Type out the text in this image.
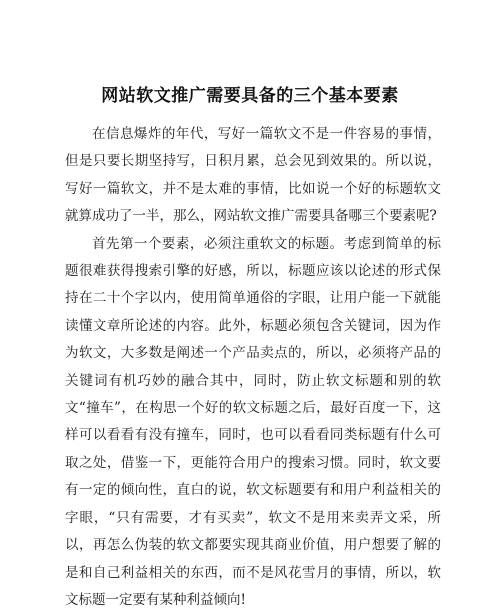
网站软文推广需要具备的三个基本要素

在信息爆炸的年代，写好一篇软文不是一件容易的事情，但是只要长期坚持写，日积月累，总会见到效果的。所以说，写好一篇软文，并不是太难的事情，比如说一个好的标题软文就算成功了一半，那么，网站软文推广需要具备哪三个要素呢?

首先第一个要素，必须注重软文的标题。考虑到简单的标题很难获得搜索引擎的好感，所以，标题应该以论述的形式保持在二十个字以内，使用简单通俗的字眼，让用户能一下就能读懂文章所论述的内容。此外，标题必须包含关键词，因为作为软文，大多数是阐述一个产品卖点的，所以，必须将产品的关键词有机巧妙的融合其中，同时，防止软文标题和别的软文“撞车”，在构思一个好的软文标题之后，最好百度一下，这样可以看看有没有撞车，同时，也可以看看同类标题有什么可取之处，借鉴一下，更能符合用户的搜索习惯。同时，软文要有一定的倾向性，直白的说，软文标题要有和用户利益相关的字眼，“只有需要，才有买卖”，软文不是用来卖弄文采，所以，再怎么伪装的软文都要实现其商业价值，用户想要了解的是和自己利益相关的东西，而不是风花雪月的事情，所以，软文标题一定要有某种利益倾向!
